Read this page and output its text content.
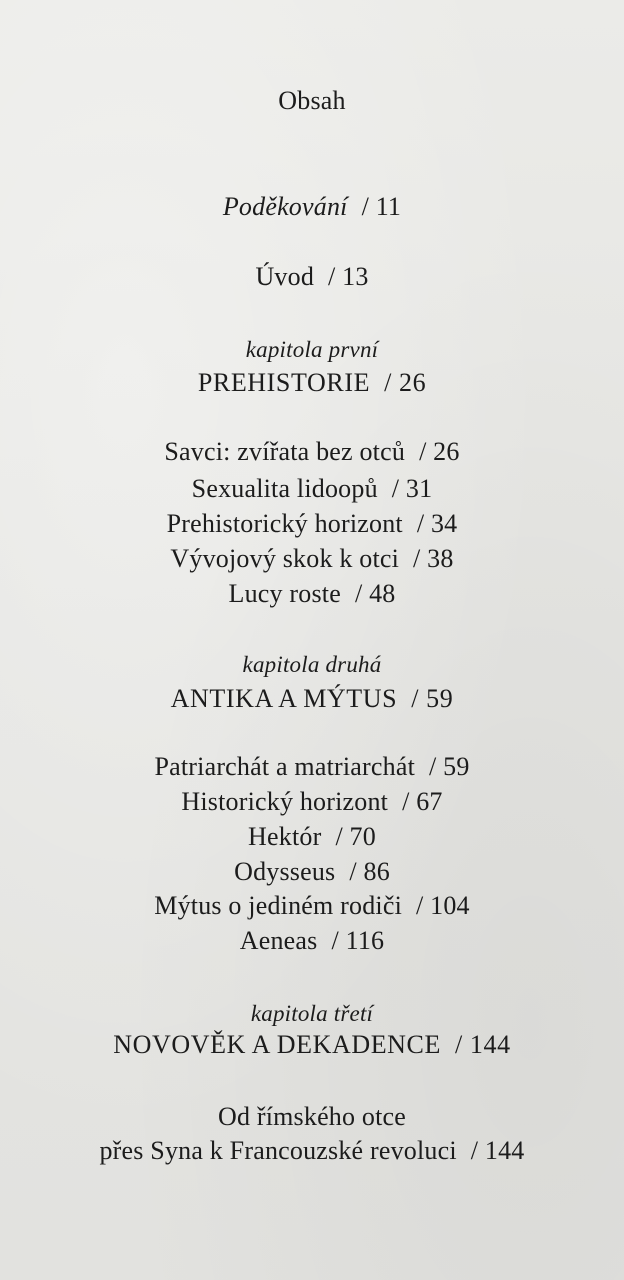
Obsah
Poděkování / 11
Úvod / 13
kapitola první
PREHISTORIE / 26
Savci: zvířata bez otců / 26
Sexualita lidoopů / 31
Prehistorický horizont / 34
Vývojový skok k otci / 38
Lucy roste / 48
kapitola druhá
ANTIKA A MÝTUS / 59
Patriarchát a matriarchát / 59
Historický horizont / 67
Hektór / 70
Odysseus / 86
Mýtus o jediném rodiči / 104
Aeneas / 116
kapitola třetí
NOVOVĚK A DEKADENCE / 144
Od římského otce
přes Syna k Francouzské revoluci / 144
